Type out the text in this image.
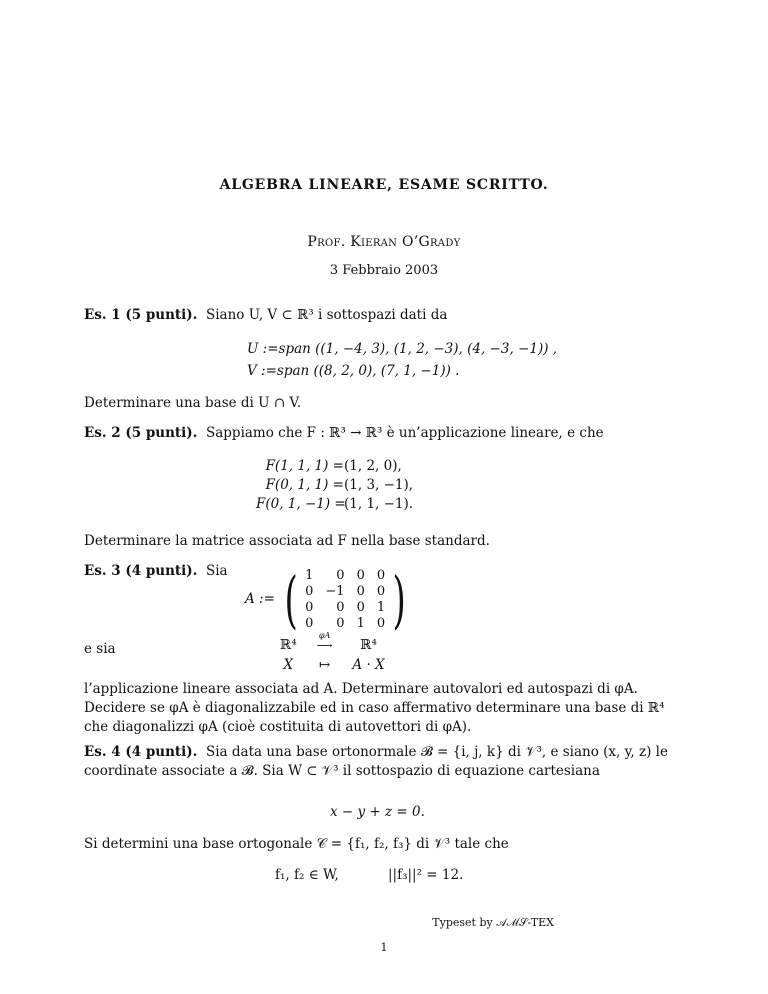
ALGEBRA LINEARE, ESAME SCRITTO.
Prof. Kieran O’Grady
3 Febbraio 2003

Es. 1 (5 punti). Siano U, V ⊂ ℝ³ i sottospazi dati da

U :=span ((1, −4, 3), (1, 2, −3), (4, −3, −1)) ,
V :=span ((8, 2, 0), (7, 1, −1)) .
Determinare una base di U ∩ V.

Es. 2 (5 punti). Sappiamo che F : ℝ³ → ℝ³ è un’applicazione lineare, e che

F(1, 1, 1) =(1, 2, 0),
F(0, 1, 1) =(1, 3, −1),
F(0, 1, −1) =(1, 1, −1).
Determinare la matrice associata ad F nella base standard.

Es. 3 (4 punti). Sia

A := ( 1	0	0	0
0	−1	0	0
0	0	0	1
0	0	1	0 )
e sia	ℝ⁴	φA
⟶	ℝ⁴
X	↦	A · X
l’applicazione lineare associata ad A. Determinare autovalori ed autospazi di φA. Decidere se φA è diagonalizzabile ed in caso affermativo determinare una base di ℝ⁴ che diagonalizzi φA (cioè costituita di autovettori di φA).

Es. 4 (4 punti). Sia data una base ortonormale 𝓑 = {i, j, k} di 𝒱³, e siano (x, y, z) le coordinate associate a 𝓑. Sia W ⊂ 𝒱³ il sottospazio di equazione cartesiana

x − y + z = 0.
Si determini una base ortogonale 𝒞 = {f₁, f₂, f₃} di 𝒱³ tale che
f₁, f₂ ∈ W,	||f₃||² = 12.
Typeset by 𝒜ℳ𝒮-TEX
1
